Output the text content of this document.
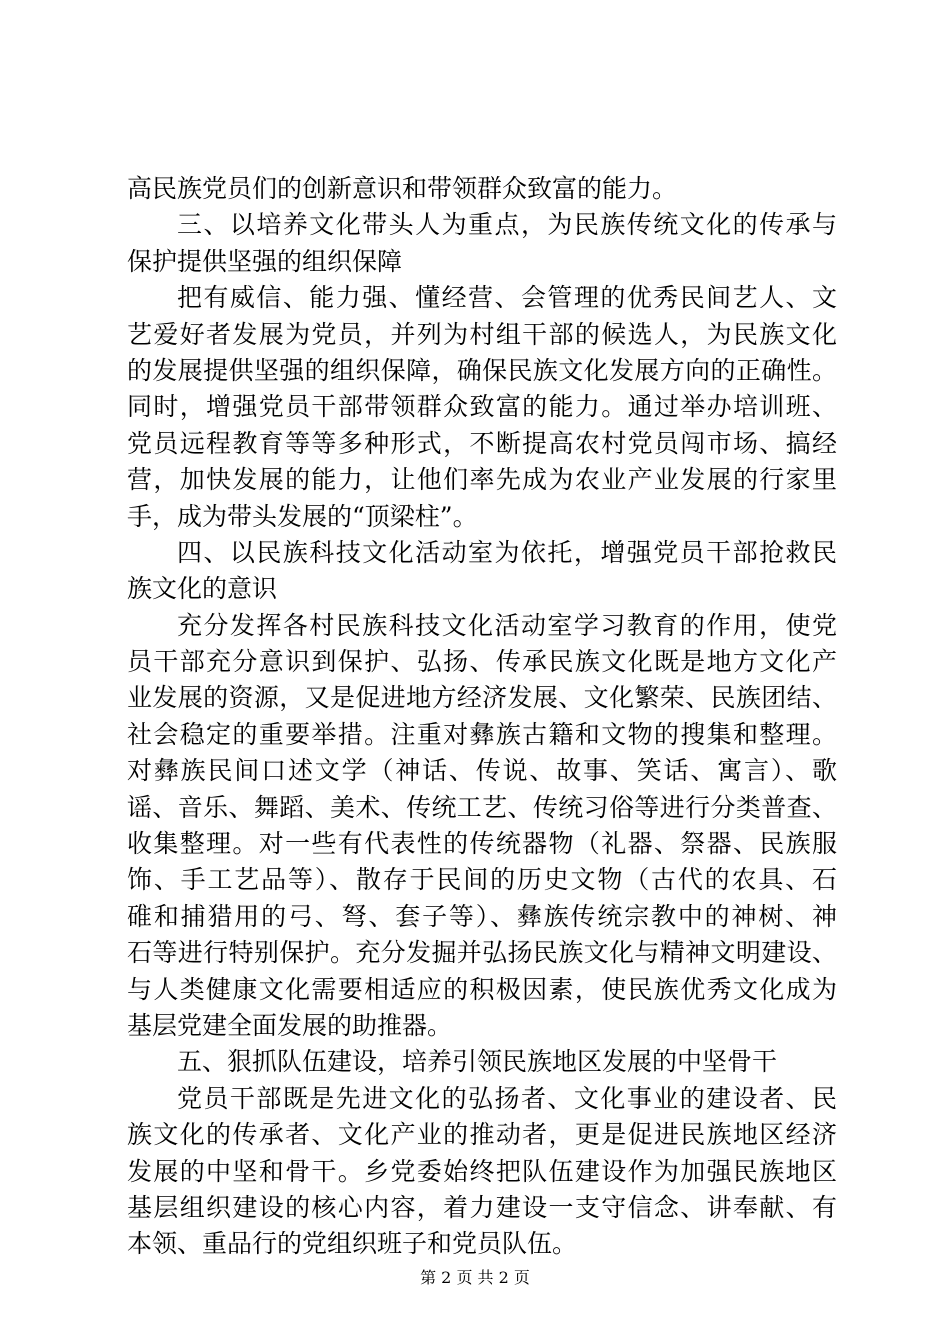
高民族党员们的创新意识和带领群众致富的能力。
三、以培养文化带头人为重点，为民族传统文化的传承与
保护提供坚强的组织保障
把有威信、能力强、懂经营、会管理的优秀民间艺人、文
艺爱好者发展为党员，并列为村组干部的候选人，为民族文化
的发展提供坚强的组织保障，确保民族文化发展方向的正确性。
同时，增强党员干部带领群众致富的能力。通过举办培训班、
党员远程教育等等多种形式，不断提高农村党员闯市场、搞经
营，加快发展的能力，让他们率先成为农业产业发展的行家里
手，成为带头发展的“顶梁柱”。
四、以民族科技文化活动室为依托，增强党员干部抢救民
族文化的意识
充分发挥各村民族科技文化活动室学习教育的作用，使党
员干部充分意识到保护、弘扬、传承民族文化既是地方文化产
业发展的资源，又是促进地方经济发展、文化繁荣、民族团结、
社会稳定的重要举措。注重对彝族古籍和文物的搜集和整理。
对彝族民间口述文学（神话、传说、故事、笑话、寓言）、歌
谣、音乐、舞蹈、美术、传统工艺、传统习俗等进行分类普查、
收集整理。对一些有代表性的传统器物（礼器、祭器、民族服
饰、手工艺品等）、散存于民间的历史文物（古代的农具、石
碓和捕猎用的弓、弩、套子等）、彝族传统宗教中的神树、神
石等进行特别保护。充分发掘并弘扬民族文化与精神文明建设、
与人类健康文化需要相适应的积极因素，使民族优秀文化成为
基层党建全面发展的助推器。
五、狠抓队伍建设，培养引领民族地区发展的中坚骨干
党员干部既是先进文化的弘扬者、文化事业的建设者、民
族文化的传承者、文化产业的推动者，更是促进民族地区经济
发展的中坚和骨干。乡党委始终把队伍建设作为加强民族地区
基层组织建设的核心内容，着力建设一支守信念、讲奉献、有
本领、重品行的党组织班子和党员队伍。
第 2 页 共 2 页
